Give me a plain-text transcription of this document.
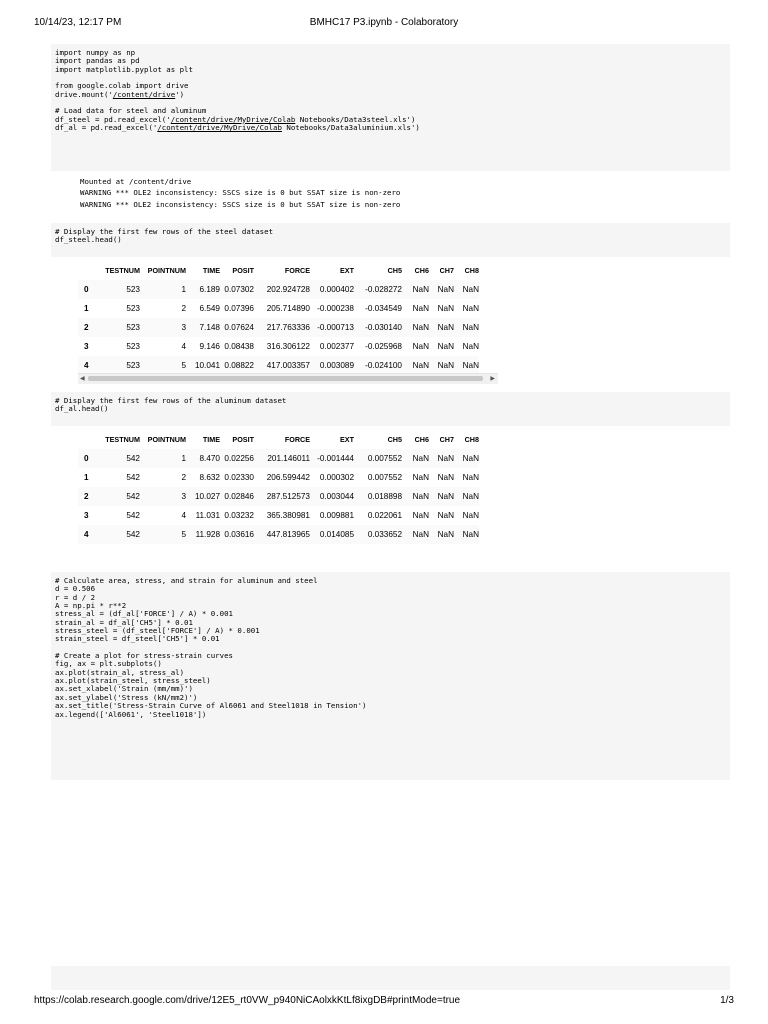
10/14/23, 12:17 PM	BMHC17 P3.ipynb - Colaboratory
import numpy as np
import pandas as pd
import matplotlib.pyplot as plt
from google.colab import drive
drive.mount('/content/drive')
# Load data for steel and aluminum
df_steel = pd.read_excel('/content/drive/MyDrive/Colab Notebooks/Data3steel.xls')
df_al = pd.read_excel('/content/drive/MyDrive/Colab Notebooks/Data3aluminium.xls')
Mounted at /content/drive
WARNING *** OLE2 inconsistency: SSCS size is 0 but SSAT size is non-zero
WARNING *** OLE2 inconsistency: SSCS size is 0 but SSAT size is non-zero
# Display the first few rows of the steel dataset
df_steel.head()
	TESTNUM	POINTNUM	TIME	POSIT	FORCE	EXT	CH5	CH6	CH7	CH8
0	523	1	6.189	0.07302	202.924728	0.000402	-0.028272	NaN	NaN	NaN
1	523	2	6.549	0.07396	205.714890	-0.000238	-0.034549	NaN	NaN	NaN
2	523	3	7.148	0.07624	217.763336	-0.000713	-0.030140	NaN	NaN	NaN
3	523	4	9.146	0.08438	316.306122	0.002377	-0.025968	NaN	NaN	NaN
4	523	5	10.041	0.08822	417.003357	0.003089	-0.024100	NaN	NaN	NaN
◀	▶
# Display the first few rows of the aluminum dataset
df_al.head()
	TESTNUM	POINTNUM	TIME	POSIT	FORCE	EXT	CH5	CH6	CH7	CH8
0	542	1	8.470	0.02256	201.146011	-0.001444	0.007552	NaN	NaN	NaN
1	542	2	8.632	0.02330	206.599442	0.000302	0.007552	NaN	NaN	NaN
2	542	3	10.027	0.02846	287.512573	0.003044	0.018898	NaN	NaN	NaN
3	542	4	11.031	0.03232	365.380981	0.009881	0.022061	NaN	NaN	NaN
4	542	5	11.928	0.03616	447.813965	0.014085	0.033652	NaN	NaN	NaN
# Calculate area, stress, and strain for aluminum and steel
d = 0.506
r = d / 2
A = np.pi * r**2
stress_al = (df_al['FORCE'] / A) * 0.001
strain_al = df_al['CH5'] * 0.01
stress_steel = (df_steel['FORCE'] / A) * 0.001
strain_steel = df_steel['CH5'] * 0.01
# Create a plot for stress-strain curves
fig, ax = plt.subplots()
ax.plot(strain_al, stress_al)
ax.plot(strain_steel, stress_steel)
ax.set_xlabel('Strain (mm/mm)')
ax.set_ylabel('Stress (kN/mm2)')
ax.set_title('Stress-Strain Curve of Al6061 and Steel1018 in Tension')
ax.legend(['Al6061', 'Steel1018'])
https://colab.research.google.com/drive/12E5_rt0VW_p940NiCAolxkKtLf8ixgDB#printMode=true	1/3
